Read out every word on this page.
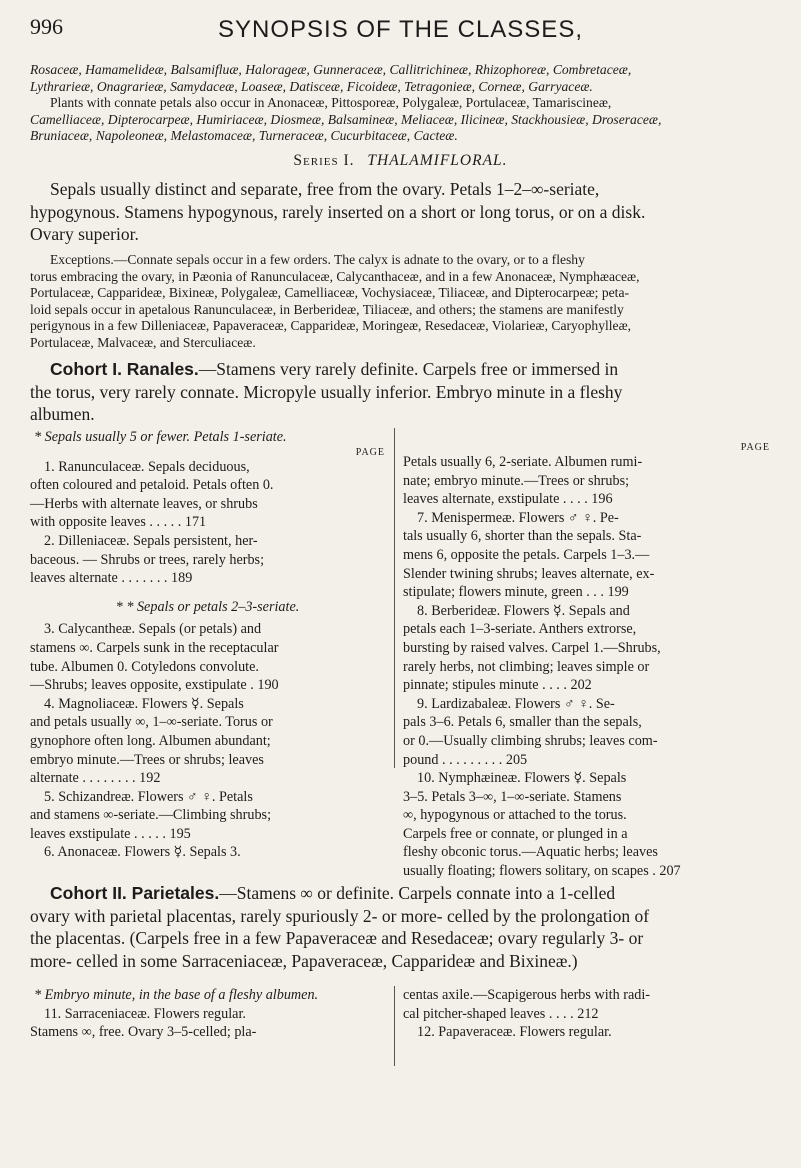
996	SYNOPSIS OF THE CLASSES,
Rosaceæ, Hamamelideæ, Balsamifluæ, Halorageæ, Gunneraceæ, Callitrichineæ, Rhizophoreæ, Combretaceæ,
Lythrarieæ, Onagrarieæ, Samydaceæ, Loaseæ, Datisceæ, Ficoideæ, Tetragonieæ, Corneæ, Garryaceæ.
Plants with connate petals also occur in Anonaceæ, Pittosporeæ, Polygaleæ, Portulaceæ, Tamariscineæ,
Camelliaceæ, Dipterocarpeæ, Humiriaceæ, Diosmeæ, Balsamineæ, Meliaceæ, Ilicineæ, Stackhousieæ, Droseraceæ,
Bruniaceæ, Napoleoneæ, Melastomaceæ, Turneraceæ, Cucurbitaceæ, Cacteæ.
Series I. THALAMIFLORAL.
Sepals usually distinct and separate, free from the ovary. Petals 1–2–∞-seriate,
hypogynous. Stamens hypogynous, rarely inserted on a short or long torus, or on a disk.
Ovary superior.
Exceptions.—Connate sepals occur in a few orders. The calyx is adnate to the ovary, or to a fleshy
torus embracing the ovary, in Pæonia of Ranunculaceæ, Calycanthaceæ, and in a few Anonaceæ, Nymphæaceæ,
Portulaceæ, Capparideæ, Bixineæ, Polygaleæ, Camelliaceæ, Vochysiaceæ, Tiliaceæ, and Dipterocarpeæ; peta-
loid sepals occur in apetalous Ranunculaceæ, in Berberideæ, Tiliaceæ, and others; the stamens are manifestly
perigynous in a few Dilleniaceæ, Papaveraceæ, Capparideæ, Moringeæ, Resedaceæ, Violarieæ, Caryophylleæ,
Portulaceæ, Malvaceæ, and Sterculiaceæ.
Cohort I. Ranales.—Stamens very rarely definite. Carpels free or immersed in
the torus, very rarely connate. Micropyle usually inferior. Embryo minute in a fleshy
albumen.
* Sepals usually 5 or fewer. Petals 1-seriate.
PAGE
1. Ranunculaceæ. Sepals deciduous,
often coloured and petaloid. Petals often 0.
—Herbs with alternate leaves, or shrubs
with opposite leaves . . . . . 171
2. Dilleniaceæ. Sepals persistent, her-
baceous. — Shrubs or trees, rarely herbs;
leaves alternate . . . . . . . 189
* * Sepals or petals 2–3-seriate.
3. Calycantheæ. Sepals (or petals) and
stamens ∞. Carpels sunk in the receptacular
tube. Albumen 0. Cotyledons convolute.
—Shrubs; leaves opposite, exstipulate . 190
4. Magnoliaceæ. Flowers ☿. Sepals
and petals usually ∞, 1–∞-seriate. Torus or
gynophore often long. Albumen abundant;
embryo minute.—Trees or shrubs; leaves
alternate . . . . . . . . 192
5. Schizandreæ. Flowers ♂ ♀. Petals
and stamens ∞-seriate.—Climbing shrubs;
leaves exstipulate . . . . . 195
6. Anonaceæ. Flowers ☿. Sepals 3.
PAGE
Petals usually 6, 2-seriate. Albumen rumi-
nate; embryo minute.—Trees or shrubs;
leaves alternate, exstipulate . . . . 196
7. Menispermeæ. Flowers ♂ ♀. Pe-
tals usually 6, shorter than the sepals. Sta-
mens 6, opposite the petals. Carpels 1–3.—
Slender twining shrubs; leaves alternate, ex-
stipulate; flowers minute, green . . . 199
8. Berberideæ. Flowers ☿. Sepals and
petals each 1–3-seriate. Anthers extrorse,
bursting by raised valves. Carpel 1.—Shrubs,
rarely herbs, not climbing; leaves simple or
pinnate; stipules minute . . . . 202
9. Lardizabaleæ. Flowers ♂ ♀. Se-
pals 3–6. Petals 6, smaller than the sepals,
or 0.—Usually climbing shrubs; leaves com-
pound . . . . . . . . . 205
10. Nymphæineæ. Flowers ☿. Sepals
3–5. Petals 3–∞, 1–∞-seriate. Stamens
∞, hypogynous or attached to the torus.
Carpels free or connate, or plunged in a
fleshy obconic torus.—Aquatic herbs; leaves
usually floating; flowers solitary, on scapes . 207
Cohort II. Parietales.—Stamens ∞ or definite. Carpels connate into a 1-celled
ovary with parietal placentas, rarely spuriously 2- or more- celled by the prolongation of
the placentas. (Carpels free in a few Papaveraceæ and Resedaceæ; ovary regularly 3- or
more- celled in some Sarraceniaceæ, Papaveraceæ, Capparideæ and Bixineæ.)
* Embryo minute, in the base of a fleshy albumen.
11. Sarraceniaceæ. Flowers regular.
Stamens ∞, free. Ovary 3–5-celled; pla-
centas axile.—Scapigerous herbs with radi-
cal pitcher-shaped leaves . . . . 212
12. Papaveraceæ. Flowers regular.
